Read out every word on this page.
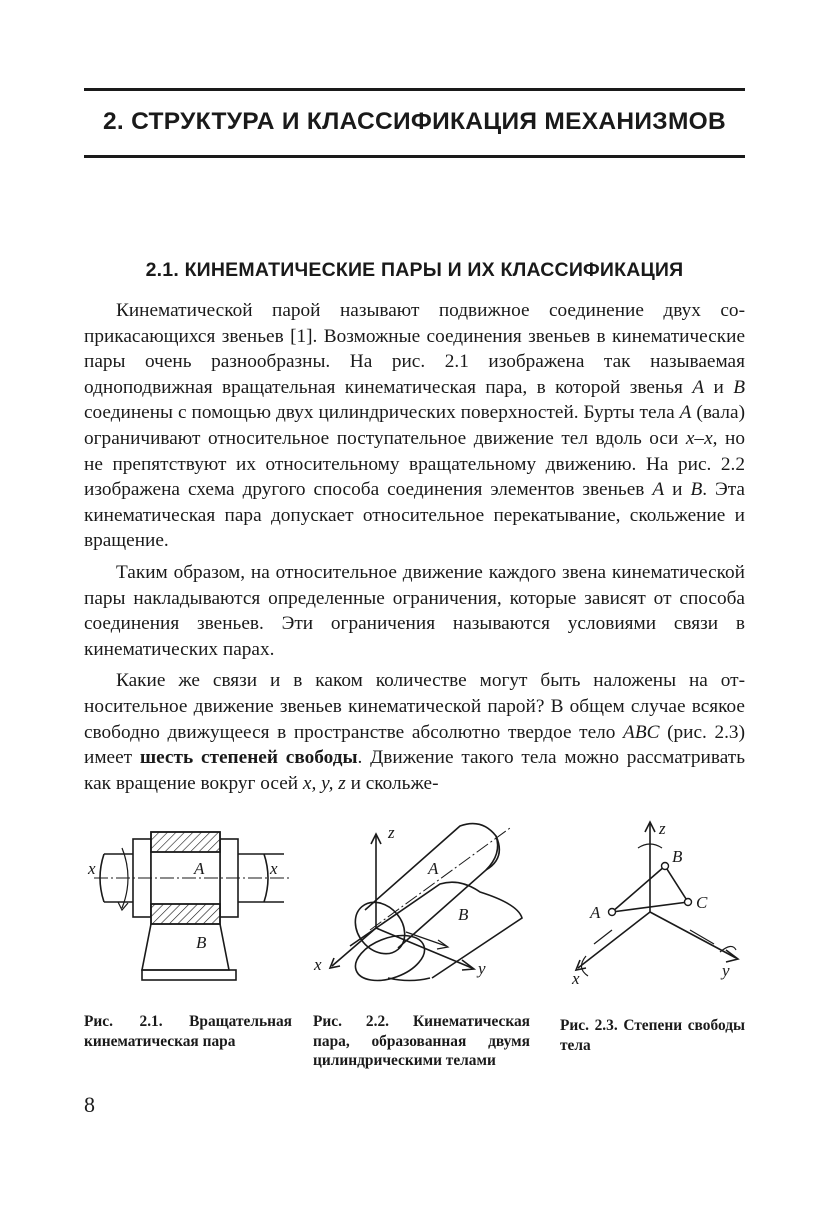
2. СТРУКТУРА И КЛАССИФИКАЦИЯ МЕХАНИЗМОВ
2.1. КИНЕМАТИЧЕСКИЕ ПАРЫ И ИХ КЛАССИФИКАЦИЯ

Кинематической парой называют подвижное соединение двух соприкасающихся звеньев [1]. Возможные соединения звеньев в кинематические пары очень разнообразны. На рис. 2.1 изображена так называемая одноподвижная вращательная кинематическая пара, в которой звенья A и B соединены с помощью двух цилиндрических поверхностей. Бурты тела A (вала) ограничивают относительное поступательное движение тел вдоль оси x–x, но не препятствуют их относительному вращательному движению. На рис. 2.2 изображена схема другого способа соединения элементов звеньев A и B. Эта кинематическая пара допускает относительное перекатывание, скольжение и вращение.

Таким образом, на относительное движение каждого звена кинематической пары накладываются определенные ограничения, которые зависят от способа соединения звеньев. Эти ограничения называются условиями связи в кинематических парах.

Какие же связи и в каком количестве могут быть наложены на относительное движение звеньев кинематической парой? В общем случае всякое свободно движущееся в пространстве абсолютно твердое тело ABC (рис. 2.3) имеет шесть степеней свободы. Движение такого тела можно рассматривать как вращение вокруг осей x, y, z и скольже-

x	x
A
B
Рис. 2.1. Вращательная кинематическая пара
z
A
B
x	y
Рис. 2.2. Кинематическая пара, образованная двумя цилиндрическими телами
z
B
A
C
x	y
Рис. 2.3. Степени свободы тела
8
